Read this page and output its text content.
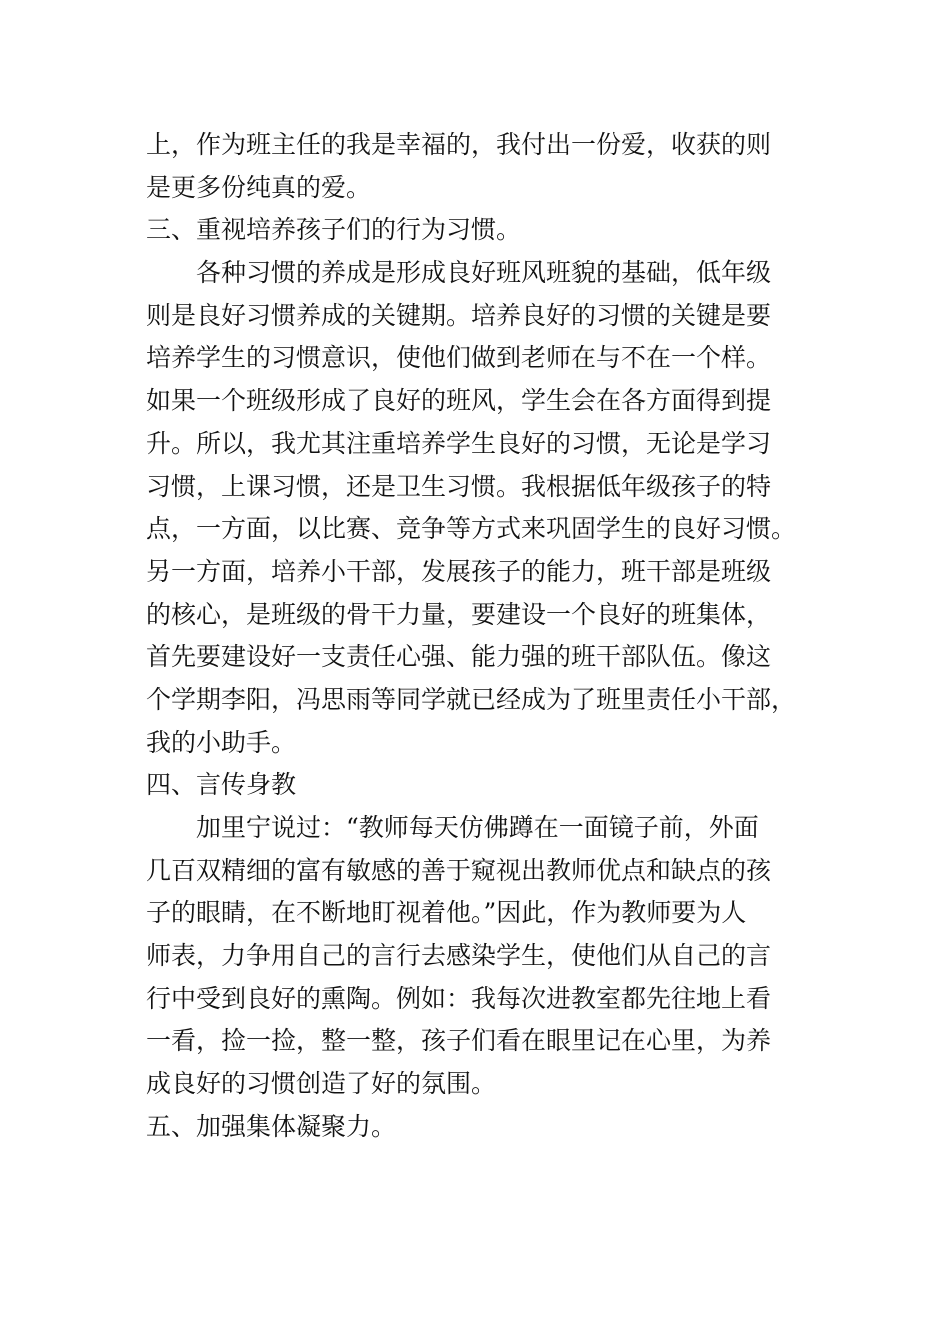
上，作为班主任的我是幸福的，我付出一份爱，收获的则
是更多份纯真的爱。
三、重视培养孩子们的行为习惯。
各种习惯的养成是形成良好班风班貌的基础，低年级
则是良好习惯养成的关键期。培养良好的习惯的关键是要
培养学生的习惯意识，使他们做到老师在与不在一个样。
如果一个班级形成了良好的班风，学生会在各方面得到提
升。所以，我尤其注重培养学生良好的习惯，无论是学习
习惯，上课习惯，还是卫生习惯。我根据低年级孩子的特
点，一方面，以比赛、竞争等方式来巩固学生的良好习惯。
另一方面，培养小干部，发展孩子的能力，班干部是班级
的核心，是班级的骨干力量，要建设一个良好的班集体，
首先要建设好一支责任心强、能力强的班干部队伍。像这
个学期李阳，冯思雨等同学就已经成为了班里责任小干部，
我的小助手。
四、言传身教
加里宁说过：“教师每天仿佛蹲在一面镜子前，外面
几百双精细的富有敏感的善于窥视出教师优点和缺点的孩
子的眼睛，在不断地盯视着他。”因此，作为教师要为人
师表，力争用自己的言行去感染学生，使他们从自己的言
行中受到良好的熏陶。例如：我每次进教室都先往地上看
一看，捡一捡，整一整，孩子们看在眼里记在心里，为养
成良好的习惯创造了好的氛围。
五、加强集体凝聚力。
